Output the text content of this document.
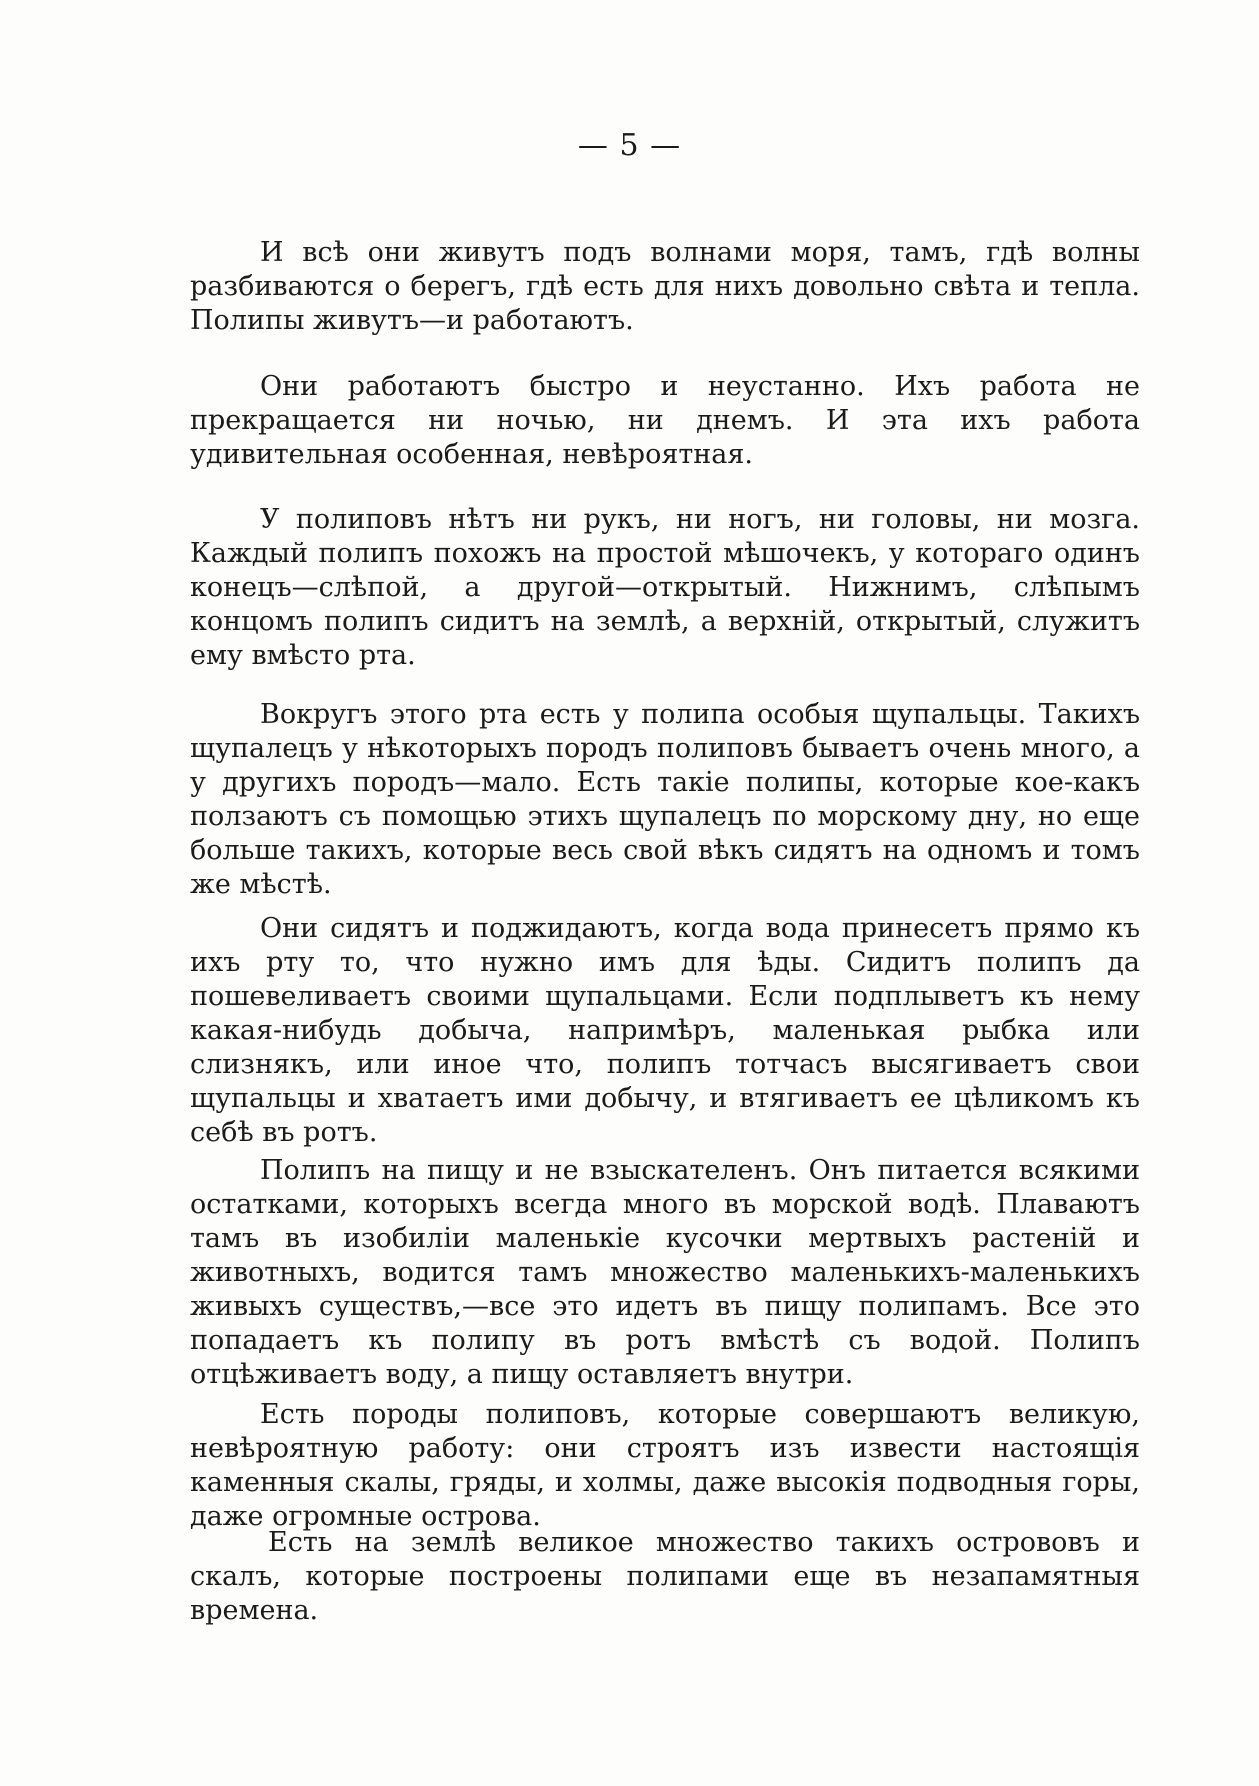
— 5 —

И всѣ они живутъ подъ волнами моря, тамъ, гдѣ волны разбиваются о берегъ, гдѣ есть для нихъ довольно свѣта и тепла. Полипы живутъ—и работаютъ.

Они работаютъ быстро и неустанно. Ихъ работа не прекращается ни ночью, ни днемъ. И эта ихъ работа удивительная особенная, невѣроятная.

У полиповъ нѣтъ ни рукъ, ни ногъ, ни головы, ни мозга. Каждый полипъ похожъ на простой мѣшочекъ, у котораго одинъ конецъ—слѣпой, а другой—открытый. Нижнимъ, слѣпымъ концомъ полипъ сидитъ на землѣ, а верхній, открытый, служитъ ему вмѣсто рта.

Вокругъ этого рта есть у полипа особыя щупальцы. Такихъ щупалецъ у нѣкоторыхъ породъ полиповъ бываетъ очень много, а у другихъ породъ—мало. Есть такіе полипы, которые кое-какъ ползаютъ съ помощью этихъ щупалецъ по морскому дну, но еще больше такихъ, которые весь свой вѣкъ сидятъ на одномъ и томъ же мѣстѣ.

Они сидятъ и поджидаютъ, когда вода принесетъ прямо къ ихъ рту то, что нужно имъ для ѣды. Сидитъ полипъ да пошевеливаетъ своими щупальцами. Если подплыветъ къ нему какая-нибудь добыча, напримѣръ, маленькая рыбка или слизнякъ, или иное что, полипъ тотчасъ высягиваетъ свои щупальцы и хватаетъ ими добычу, и втягиваетъ ее цѣликомъ къ себѣ въ ротъ.

Полипъ на пищу и не взыскателенъ. Онъ питается всякими остатками, которыхъ всегда много въ морской водѣ. Плаваютъ тамъ въ изобиліи маленькіе кусочки мертвыхъ растеній и животныхъ, водится тамъ множество маленькихъ-маленькихъ живыхъ существъ,—все это идетъ въ пищу полипамъ. Все это попадаетъ къ полипу въ ротъ вмѣстѣ съ водой. Полипъ отцѣживаетъ воду, а пищу оставляетъ внутри.

Есть породы полиповъ, которые совершаютъ великую, невѣроятную работу: они строятъ изъ извести настоящія каменныя скалы, гряды, и холмы, даже высокія подводныя горы, даже огромные острова.

Есть на землѣ великое множество такихъ острововъ и скалъ, которые построены полипами еще въ незапамятныя времена.
